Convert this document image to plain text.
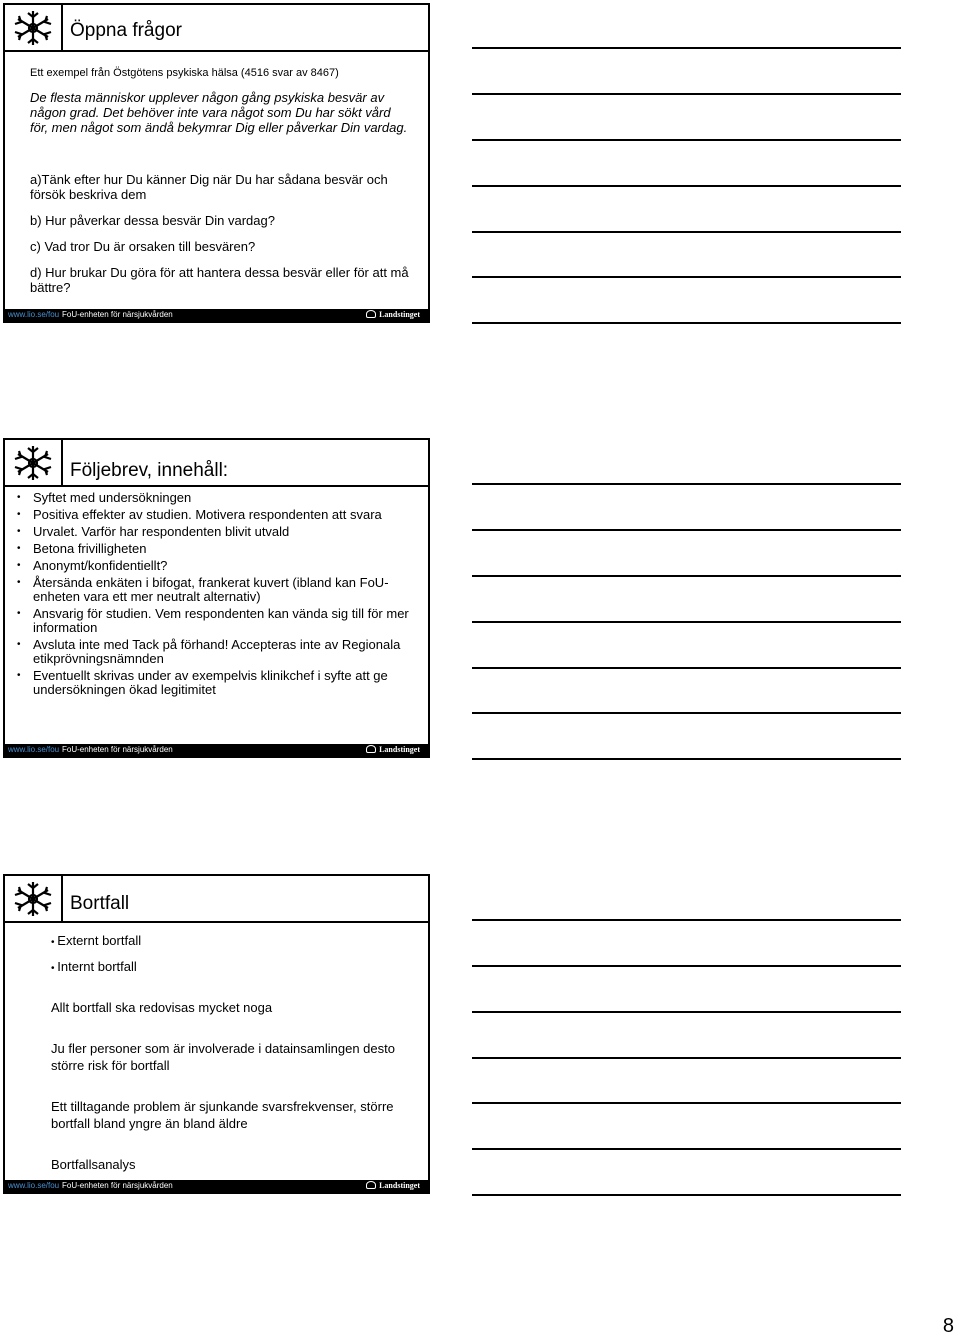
Öppna frågor

Ett exempel från Östgötens psykiska hälsa (4516 svar av 8467)

De flesta människor upplever någon gång psykiska besvär av någon grad. Det behöver inte vara något som Du har sökt vård för, men något som ändå bekymrar Dig eller påverkar Din vardag.

a)Tänk efter hur Du känner Dig när Du har sådana besvär och försök beskriva dem

b) Hur påverkar dessa besvär Din vardag?

c) Vad tror Du är orsaken till besvären?

d) Hur brukar Du göra för att hantera dessa besvär eller för att må bättre?

www.lio.se/fou FoU-enheten för närsjukvården	Landstinget
Följebrev, innehåll:
• Syftet med undersökningen
• Positiva effekter av studien. Motivera respondenten att svara
• Urvalet. Varför har respondenten blivit utvald
• Betona frivilligheten
• Anonymt/konfidentiellt?
• Återsända enkäten i bifogat, frankerat kuvert (ibland kan FoU-enheten vara ett mer neutralt alternativ)
• Ansvarig för studien. Vem respondenten kan vända sig till för mer information
• Avsluta inte med Tack på förhand! Accepteras inte av Regionala etikprövningsnämnden
• Eventuellt skrivas under av exempelvis klinikchef i syfte att ge undersökningen ökad legitimitet
www.lio.se/fou FoU-enheten för närsjukvården	Landstinget
Bortfall
• Externt bortfall
• Internt bortfall

Allt bortfall ska redovisas mycket noga

Ju fler personer som är involverade i datainsamlingen desto större risk för bortfall

Ett tilltagande problem är sjunkande svarsfrekvenser, större bortfall bland yngre än bland äldre

Bortfallsanalys

www.lio.se/fou FoU-enheten för närsjukvården	Landstinget
8
